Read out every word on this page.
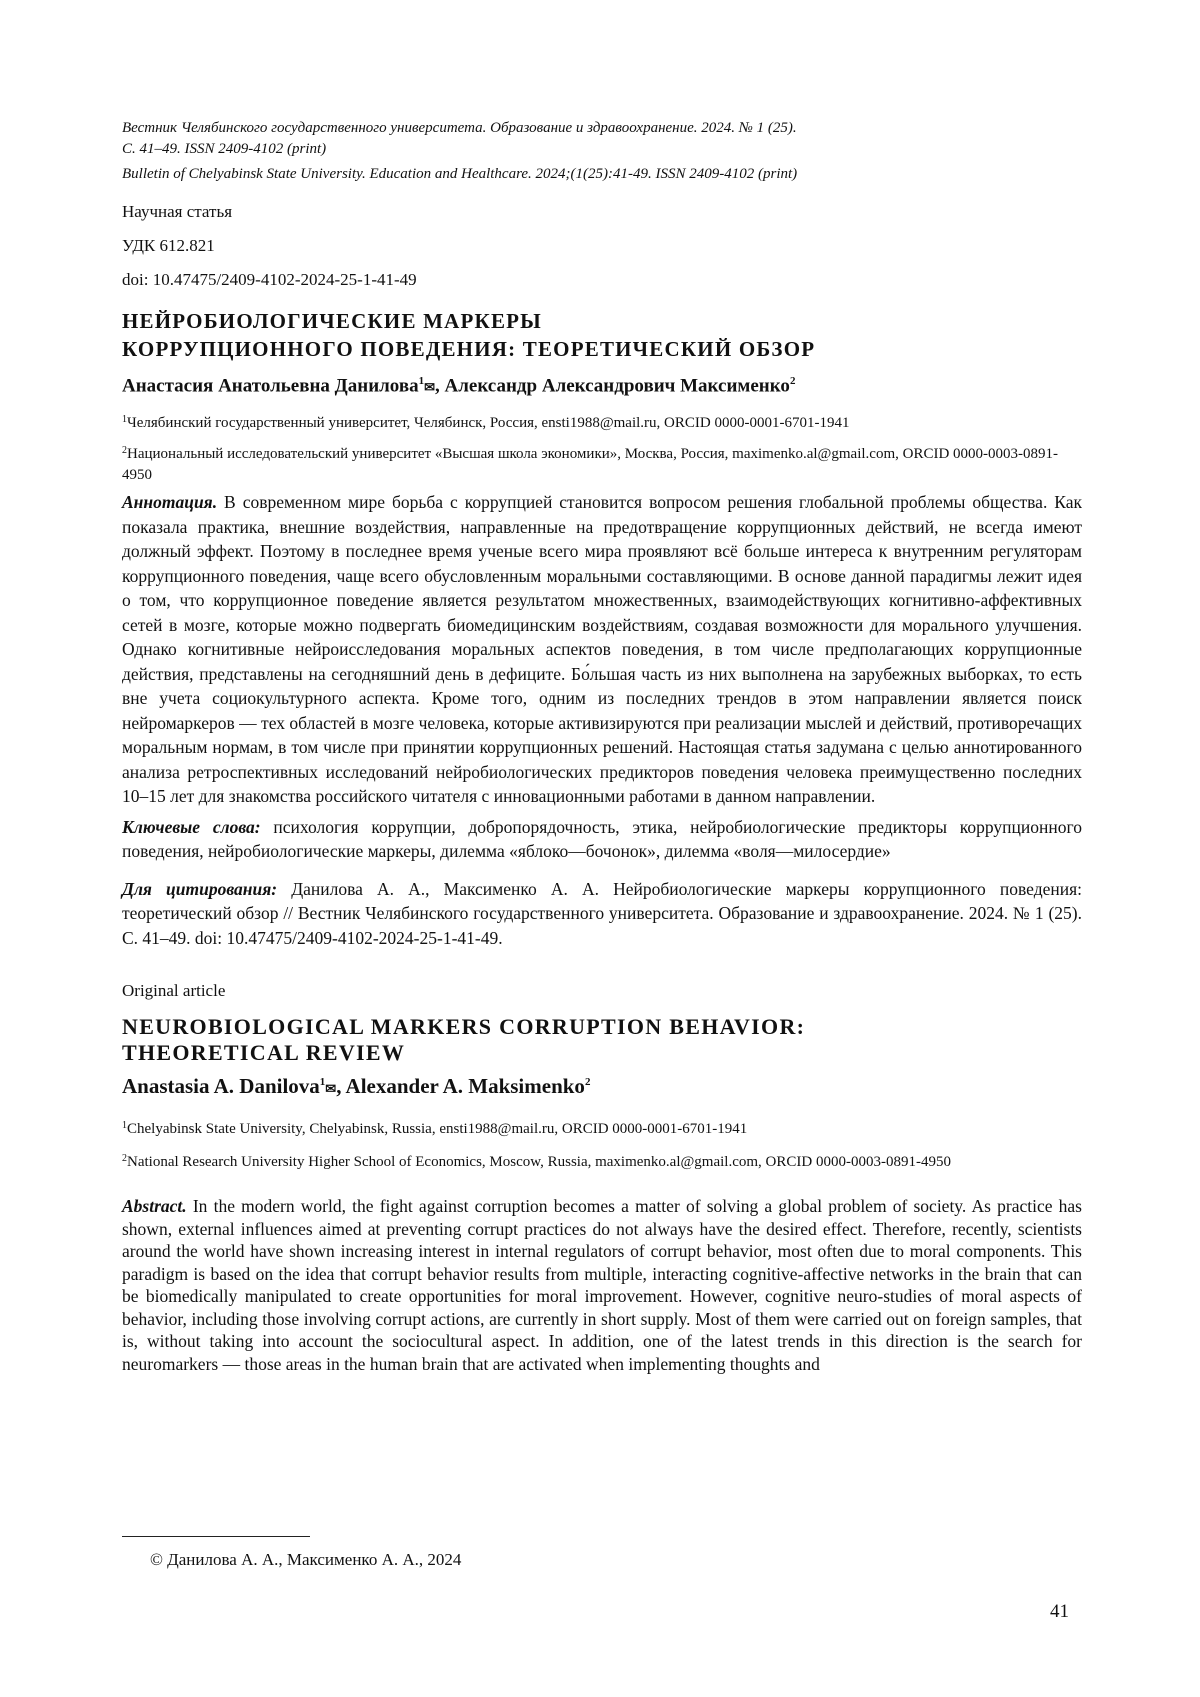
Вестник Челябинского государственного университета. Образование и здравоохранение. 2024. № 1 (25).
С. 41–49. ISSN 2409-4102 (print)
Bulletin of Chelyabinsk State University. Education and Healthcare. 2024;(1(25):41-49. ISSN 2409-4102 (print)
Научная статья
УДК 612.821
doi: 10.47475/2409-4102-2024-25-1-41-49
НЕЙРОБИОЛОГИЧЕСКИЕ МАРКЕРЫ
КОРРУПЦИОННОГО ПОВЕДЕНИЯ: ТЕОРЕТИЧЕСКИЙ ОБЗОР
Анастасия Анатольевна Данилова$^1$✉, Александр Александрович Максименко$^2$
$^1$Челябинский государственный университет, Челябинск, Россия, ensti1988@mail.ru, ORCID 0000-0001-6701-1941
$^2$Национальный исследовательский университет «Высшая школа экономики», Москва, Россия, maximenko.al@gmail.com, ORCID 0000-0003-0891-4950
Аннотация. В современном мире борьба с коррупцией становится вопросом решения глобальной проблемы общества. Как показала практика, внешние воздействия, направленные на предотвращение коррупционных действий, не всегда имеют должный эффект. Поэтому в последнее время ученые всего мира проявляют всё больше интереса к внутренним регуляторам коррупционного поведения, чаще всего обусловленным моральными составляющими. В основе данной парадигмы лежит идея о том, что коррупционное поведение является результатом множественных, взаимодействующих когнитивно-аффективных сетей в мозге, которые можно подвергать биомедицинским воздействиям, создавая возможности для морального улучшения. Однако когнитивные нейроисследования моральных аспектов поведения, в том числе предполагающих коррупционные действия, представлены на сегодняшний день в дефиците. Бо́льшая часть из них выполнена на зарубежных выборках, то есть вне учета социокультурного аспекта. Кроме того, одним из последних трендов в этом направлении является поиск нейромаркеров — тех областей в мозге человека, которые активизируются при реализации мыслей и действий, противоречащих моральным нормам, в том числе при принятии коррупционных решений. Настоящая статья задумана с целью аннотированного анализа ретроспективных исследований нейробиологических предикторов поведения человека преимущественно последних 10–15 лет для знакомства российского читателя с инновационными работами в данном направлении.
Ключевые слова: психология коррупции, добропорядочность, этика, нейробиологические предикторы коррупционного поведения, нейробиологические маркеры, дилемма «яблоко—бочонок», дилемма «воля—милосердие»
Для цитирования: Данилова А. А., Максименко А. А. Нейробиологические маркеры коррупционного поведения: теоретический обзор // Вестник Челябинского государственного университета. Образование и здравоохранение. 2024. № 1 (25). С. 41–49. doi: 10.47475/2409-4102-2024-25-1-41-49.
Original article
NEUROBIOLOGICAL MARKERS CORRUPTION BEHAVIOR:
THEORETICAL REVIEW
Anastasia A. Danilova$^1$✉, Alexander A. Maksimenko$^2$
$^1$Chelyabinsk State University, Chelyabinsk, Russia, ensti1988@mail.ru, ORCID 0000-0001-6701-1941
$^2$National Research University Higher School of Economics, Moscow, Russia, maximenko.al@gmail.com, ORCID 0000-0003-0891-4950
Abstract. In the modern world, the fight against corruption becomes a matter of solving a global problem of society. As practice has shown, external influences aimed at preventing corrupt practices do not always have the desired effect. Therefore, recently, scientists around the world have shown increasing interest in internal regulators of corrupt behavior, most often due to moral components. This paradigm is based on the idea that corrupt behavior results from multiple, interacting cognitive-affective networks in the brain that can be biomedically manipulated to create opportunities for moral improvement. However, cognitive neuro-studies of moral aspects of behavior, including those involving corrupt actions, are currently in short supply. Most of them were carried out on foreign samples, that is, without taking into account the sociocultural aspect. In addition, one of the latest trends in this direction is the search for neuromarkers — those areas in the human brain that are activated when implementing thoughts and
© Данилова А. А., Максименко А. А., 2024
41
